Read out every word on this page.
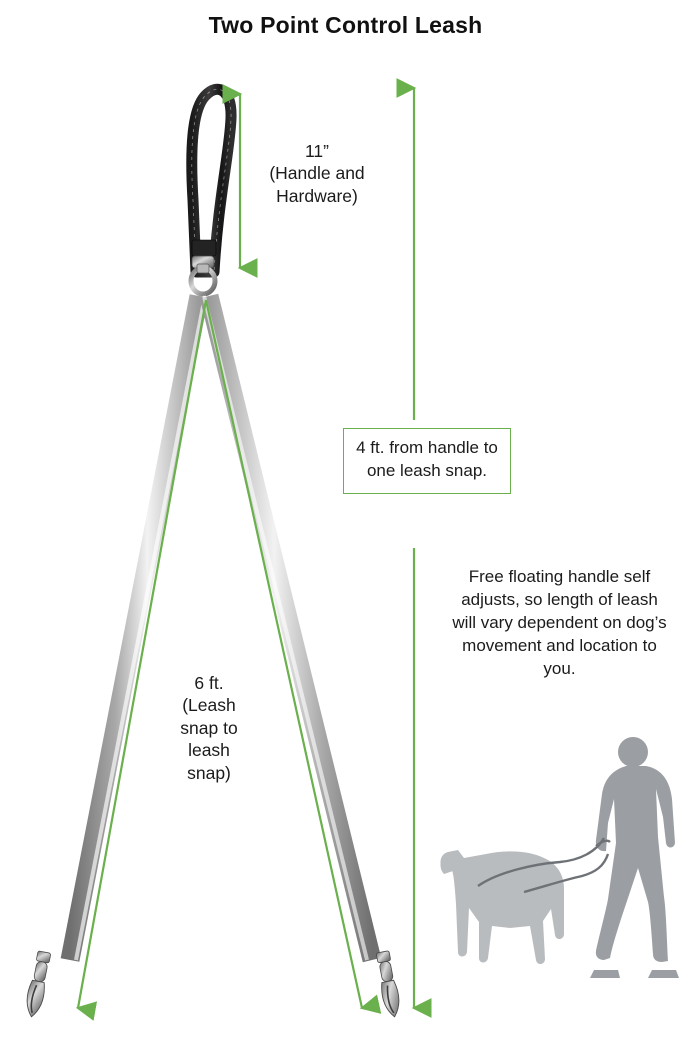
Two Point Control Leash
11”
(Handle and
Hardware)
6 ft.
(Leash
snap to
leash
snap)
4 ft. from handle to one leash snap.
Free floating handle self adjusts, so length of leash will vary dependent on dog’s movement and location to you.
